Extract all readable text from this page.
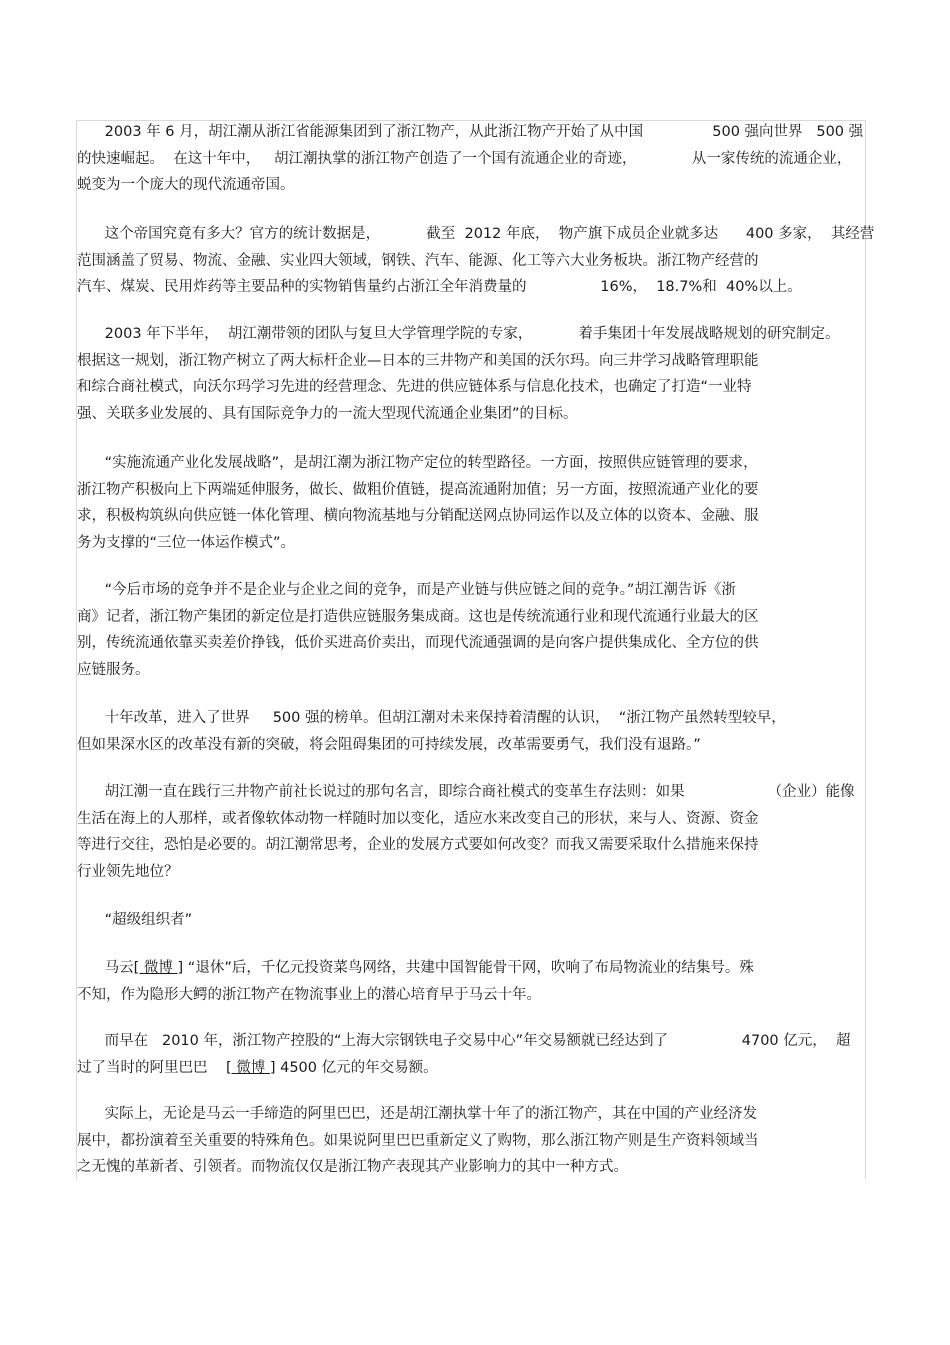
2003 年 6 月，胡江潮从浙江省能源集团到了浙江物产，从此浙江物产开始了从中国               500 强向世界   500 强
的快速崛起。  在这十年中，   胡江潮执掌的浙江物产创造了一个国有流通企业的奇迹，            从一家传统的流通企业，
蜕变为一个庞大的现代流通帝国。

这个帝国究竟有多大？官方的统计数据是，          截至  2012 年底，  物产旗下成员企业就多达      400 多家，  其经营
范围涵盖了贸易、物流、金融、实业四大领域，钢铁、汽车、能源、化工等六大业务板块。浙江物产经营的
汽车、煤炭、民用炸药等主要品种的实物销售量约占浙江全年消费量的                16%，  18.7%和  40%以上。

2003 年下半年，  胡江潮带领的团队与复旦大学管理学院的专家，          着手集团十年发展战略规划的研究制定。
根据这一规划，浙江物产树立了两大标杆企业—日本的三井物产和美国的沃尔玛。向三井学习战略管理职能
和综合商社模式，向沃尔玛学习先进的经营理念、先进的供应链体系与信息化技术，也确定了打造“一业特
强、关联多业发展的、具有国际竞争力的一流大型现代流通企业集团”的目标。

“实施流通产业化发展战略”，是胡江潮为浙江物产定位的转型路径。一方面，按照供应链管理的要求，
浙江物产积极向上下两端延伸服务，做长、做粗价值链，提高流通附加值；另一方面，按照流通产业化的要
求，积极构筑纵向供应链一体化管理、横向物流基地与分销配送网点协同运作以及立体的以资本、金融、服
务为支撑的“三位一体运作模式”。

“今后市场的竞争并不是企业与企业之间的竞争，而是产业链与供应链之间的竞争。”胡江潮告诉《浙
商》记者，浙江物产集团的新定位是打造供应链服务集成商。这也是传统流通行业和现代流通行业最大的区
别，传统流通依靠买卖差价挣钱，低价买进高价卖出，而现代流通强调的是向客户提供集成化、全方位的供
应链服务。

十年改革，进入了世界     500 强的榜单。但胡江潮对未来保持着清醒的认识，  “浙江物产虽然转型较早，
但如果深水区的改革没有新的突破，将会阻碍集团的可持续发展，改革需要勇气，我们没有退路。”

胡江潮一直在践行三井物产前社长说过的那句名言，即综合商社模式的变革生存法则：如果                  （企业）能像
生活在海上的人那样，或者像软体动物一样随时加以变化，适应水来改变自己的形状，来与人、资源、资金
等进行交往，恐怕是必要的。胡江潮常思考，企业的发展方式要如何改变？而我又需要采取什么措施来保持
行业领先地位？

“超级组织者”

马云[ 微博 ] “退休”后，千亿元投资菜鸟网络，共建中国智能骨干网，吹响了布局物流业的结集号。殊
不知，作为隐形大鳄的浙江物产在物流事业上的潜心培育早于马云十年。

而早在   2010 年，浙江物产控股的“上海大宗钢铁电子交易中心”年交易额就已经达到了                4700 亿元，  超
过了当时的阿里巴巴    [ 微博 ] 4500 亿元的年交易额。

实际上，无论是马云一手缔造的阿里巴巴，还是胡江潮执掌十年了的浙江物产，其在中国的产业经济发
展中，都扮演着至关重要的特殊角色。如果说阿里巴巴重新定义了购物，那么浙江物产则是生产资料领域当
之无愧的革新者、引领者。而物流仅仅是浙江物产表现其产业影响力的其中一种方式。
